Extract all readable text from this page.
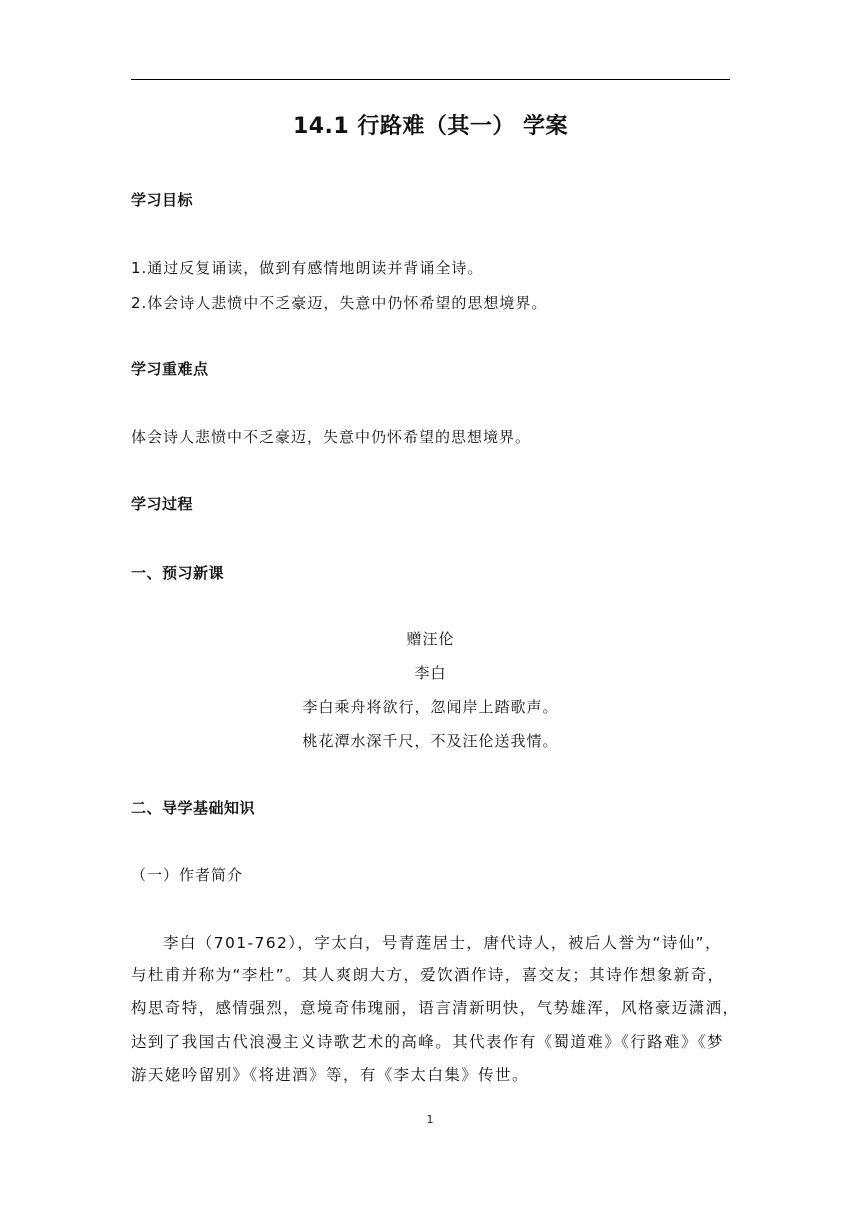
14.1 行路难（其一） 学案
学习目标
1.通过反复诵读，做到有感情地朗读并背诵全诗。
2.体会诗人悲愤中不乏豪迈，失意中仍怀希望的思想境界。
学习重难点
体会诗人悲愤中不乏豪迈，失意中仍怀希望的思想境界。
学习过程
一、预习新课
赠汪伦
李白
李白乘舟将欲行，忽闻岸上踏歌声。
桃花潭水深千尺，不及汪伦送我情。
二、导学基础知识
（一）作者简介
李白（701-762），字太白，号青莲居士，唐代诗人，被后人誉为“诗仙”，
与杜甫并称为“李杜”。其人爽朗大方，爱饮酒作诗，喜交友；其诗作想象新奇，
构思奇特，感情强烈，意境奇伟瑰丽，语言清新明快，气势雄浑，风格豪迈潇洒，
达到了我国古代浪漫主义诗歌艺术的高峰。其代表作有《蜀道难》《行路难》《梦
游天姥吟留别》《将进酒》等，有《李太白集》传世。
1
